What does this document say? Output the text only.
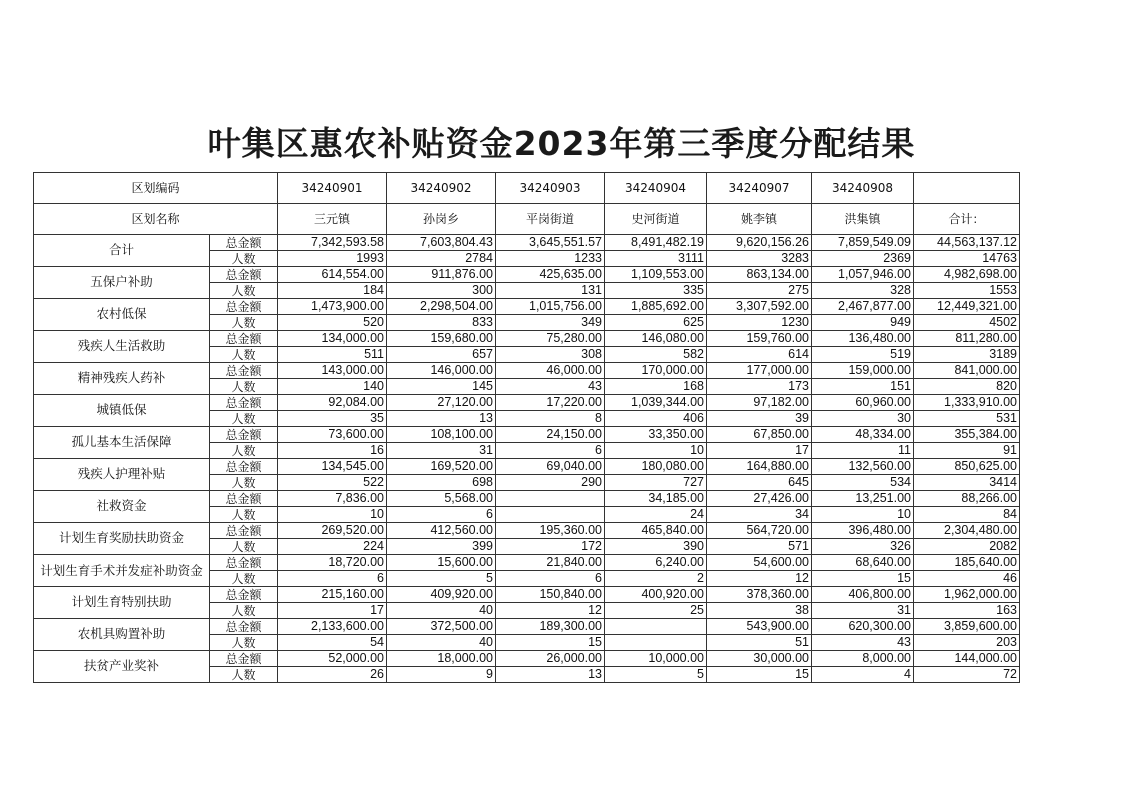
叶集区惠农补贴资金2023年第三季度分配结果
区划编码		34240901	34240902	34240903	34240904	34240907	34240908	
区划名称		三元镇	孙岗乡	平岗街道	史河街道	姚李镇	洪集镇	合计：
合计	总金额	7,342,593.58	7,603,804.43	3,645,551.57	8,491,482.19	9,620,156.26	7,859,549.09	44,563,137.12
	人数	1993	2784	1233	3111	3283	2369	14763
五保户补助	总金额	614,554.00	911,876.00	425,635.00	1,109,553.00	863,134.00	1,057,946.00	4,982,698.00
	人数	184	300	131	335	275	328	1553
农村低保	总金额	1,473,900.00	2,298,504.00	1,015,756.00	1,885,692.00	3,307,592.00	2,467,877.00	12,449,321.00
	人数	520	833	349	625	1230	949	4502
残疾人生活救助	总金额	134,000.00	159,680.00	75,280.00	146,080.00	159,760.00	136,480.00	811,280.00
	人数	511	657	308	582	614	519	3189
精神残疾人药补	总金额	143,000.00	146,000.00	46,000.00	170,000.00	177,000.00	159,000.00	841,000.00
	人数	140	145	43	168	173	151	820
城镇低保	总金额	92,084.00	27,120.00	17,220.00	1,039,344.00	97,182.00	60,960.00	1,333,910.00
	人数	35	13	8	406	39	30	531
孤儿基本生活保障	总金额	73,600.00	108,100.00	24,150.00	33,350.00	67,850.00	48,334.00	355,384.00
	人数	16	31	6	10	17	11	91
残疾人护理补贴	总金额	134,545.00	169,520.00	69,040.00	180,080.00	164,880.00	132,560.00	850,625.00
	人数	522	698	290	727	645	534	3414
社救资金	总金额	7,836.00	5,568.00		34,185.00	27,426.00	13,251.00	88,266.00
	人数	10	6		24	34	10	84
计划生育奖励扶助资金	总金额	269,520.00	412,560.00	195,360.00	465,840.00	564,720.00	396,480.00	2,304,480.00
	人数	224	399	172	390	571	326	2082
计划生育手术并发症补助资金	总金额	18,720.00	15,600.00	21,840.00	6,240.00	54,600.00	68,640.00	185,640.00
	人数	6	5	6	2	12	15	46
计划生育特别扶助	总金额	215,160.00	409,920.00	150,840.00	400,920.00	378,360.00	406,800.00	1,962,000.00
	人数	17	40	12	25	38	31	163
农机具购置补助	总金额	2,133,600.00	372,500.00	189,300.00		543,900.00	620,300.00	3,859,600.00
	人数	54	40	15		51	43	203
扶贫产业奖补	总金额	52,000.00	18,000.00	26,000.00	10,000.00	30,000.00	8,000.00	144,000.00
	人数	26	9	13	5	15	4	72
